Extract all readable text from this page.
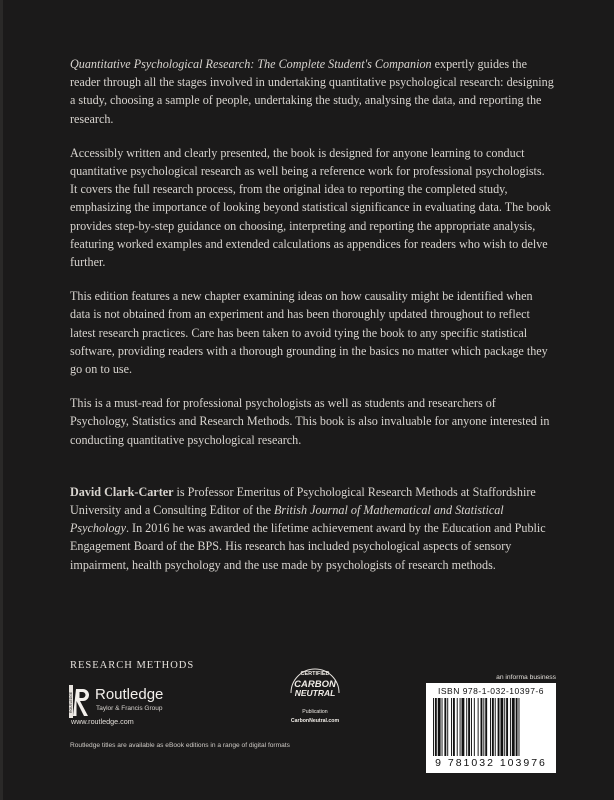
Quantitative Psychological Research: The Complete Student's Companion expertly guides the reader through all the stages involved in undertaking quantitative psychological research: designing a study, choosing a sample of people, undertaking the study, analysing the data, and reporting the research.

Accessibly written and clearly presented, the book is designed for anyone learning to conduct quantitative psychological research as well being a reference work for professional psychologists. It covers the full research process, from the original idea to reporting the completed study, emphasizing the importance of looking beyond statistical significance in evaluating data. The book provides step-by-step guidance on choosing, interpreting and reporting the appropriate analysis, featuring worked examples and extended calculations as appendices for readers who wish to delve further.

This edition features a new chapter examining ideas on how causality might be identified when data is not obtained from an experiment and has been thoroughly updated throughout to reflect latest research practices. Care has been taken to avoid tying the book to any specific statistical software, providing readers with a thorough grounding in the basics no matter which package they go on to use.

This is a must-read for professional psychologists as well as students and researchers of Psychology, Statistics and Research Methods. This book is also invaluable for anyone interested in conducting quantitative psychological research.

David Clark-Carter is Professor Emeritus of Psychological Research Methods at Staffordshire University and a Consulting Editor of the British Journal of Mathematical and Statistical Psychology. In 2016 he was awarded the lifetime achievement award by the Education and Public Engagement Board of the BPS. His research has included psychological aspects of sensory impairment, health psychology and the use made by psychologists of research methods.

RESEARCH METHODS
ROUTLEDGE Routledge
Taylor & Francis Group
www.routledge.com
CERTIFIED
CARBON
NEUTRAL
Publication
CarbonNeutral.com
Routledge titles are available as eBook editions in a range of digital formats
an informa business
ISBN 978-1-032-10397-6
9 781032 103976
